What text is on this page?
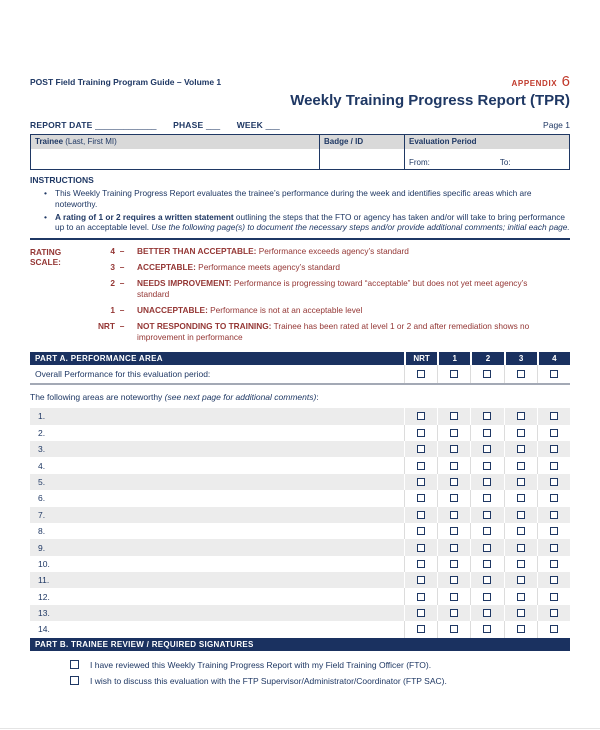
POST Field Training Program Guide – Volume 1	APPENDIX 6
Weekly Training Progress Report (TPR)
REPORT DATE _____________ PHASE ___ WEEK ___	Page 1
Trainee (Last, First MI)	Badge / ID	Evaluation Period
From:	To:
INSTRUCTIONS
• This Weekly Training Progress Report evaluates the trainee’s performance during the week and identifies specific areas which are noteworthy.
• A rating of 1 or 2 requires a written statement outlining the steps that the FTO or agency has taken and/or will take to bring performance up to an acceptable level. Use the following page(s) to document the necessary steps and/or provide additional comments; initial each page.
RATING SCALE:
4 –	BETTER THAN ACCEPTABLE: Performance exceeds agency’s standard
3 –	ACCEPTABLE: Performance meets agency’s standard
2 –	NEEDS IMPROVEMENT: Performance is progressing toward “acceptable” but does not yet meet agency’s standard
1 –	UNACCEPTABLE: Performance is not at an acceptable level
NRT –	NOT RESPONDING TO TRAINING: Trainee has been rated at level 1 or 2 and after remediation shows no improvement in performance
PART A. PERFORMANCE AREA	NRT	1	2	3	4
Overall Performance for this evaluation period:
The following areas are noteworthy (see next page for additional comments):
1.
2.
3.
4.
5.
6.
7.
8.
9.
10.
11.
12.
13.
14.
PART B. TRAINEE REVIEW / REQUIRED SIGNATURES
I have reviewed this Weekly Training Progress Report with my Field Training Officer (FTO).
I wish to discuss this evaluation with the FTP Supervisor/Administrator/Coordinator (FTP SAC).
